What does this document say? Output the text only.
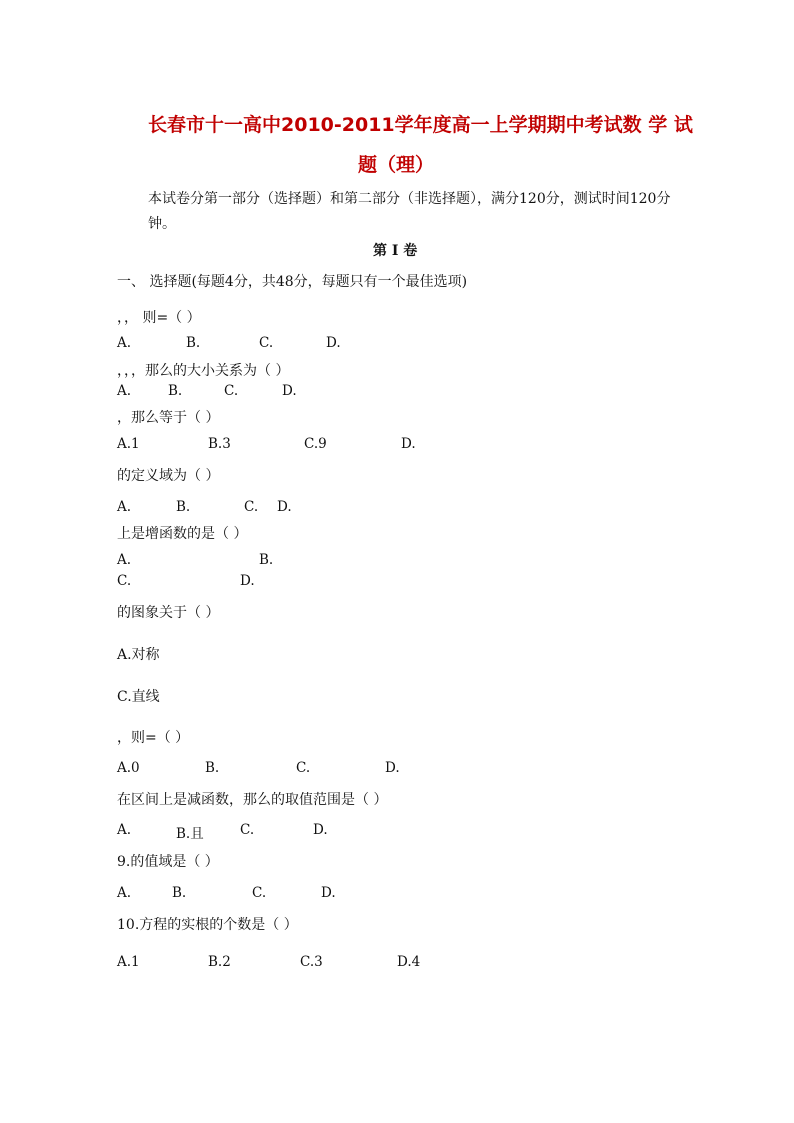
长春市十一高中2010-2011学年度高一上学期期中考试数 学 试
题（理）
本试卷分第一部分（选择题）和第二部分（非选择题），满分120分，测试时间120分
钟。
第 I 卷
一、 选择题(每题4分，共48分，每题只有一个最佳选项)
，， 则=（ ）
A.	B.	C.	D.
，，，那么的大小关系为（ ）
A.	B.	C.	D.
，那么等于（ ）
A.1	B.3	C.9	D.
的定义域为（ ）
A.	B.	C. D.
上是增函数的是（ ）
A.	B.
C.	D.
的图象关于（ ）
A.对称
C.直线
，则=（ ）
A.0	B.	C.	D.
在区间上是减函数，那么的取值范围是（ ）
A.	B.且	C.	D.
9.的值域是（ ）
A.	B.	C.	D.
10.方程的实根的个数是（ ）
A.1	B.2	C.3	D.4
